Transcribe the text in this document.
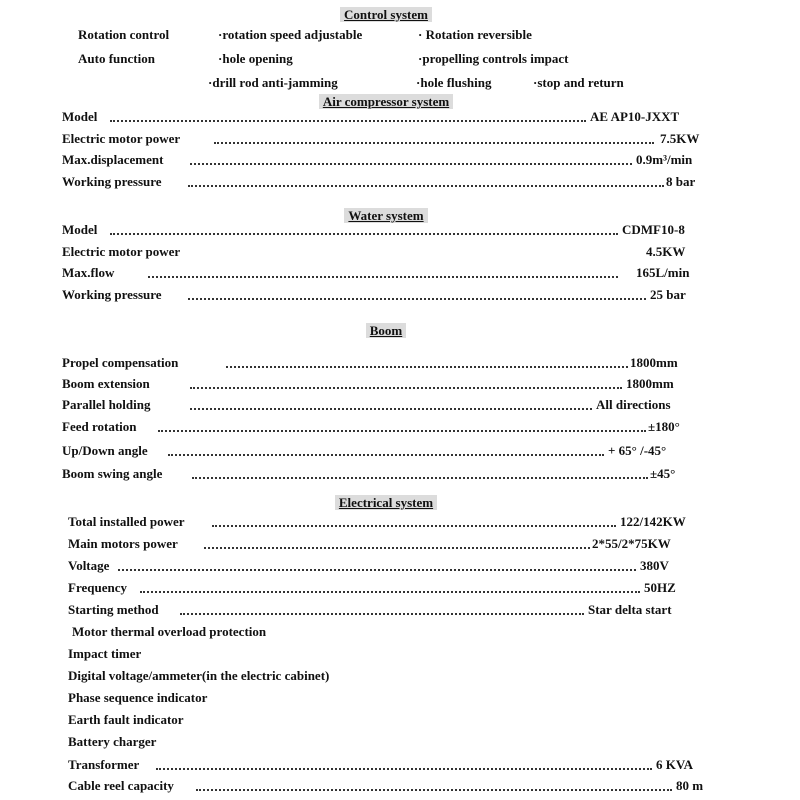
Control system
Rotation control	·rotation speed adjustable	· Rotation reversible
Auto function	·hole opening	·propelling controls impact
·drill rod anti-jamming	·hole flushing	·stop and return
Air compressor system
Model	AE AP10-JXXT
Electric motor power	7.5KW
Max.displacement	0.9m³/min
Working pressure	8 bar
Water system
Model	CDMF10-8
Electric motor power	4.5KW
Max.flow	165L/min
Working pressure	25 bar
Boom
Propel compensation	1800mm
Boom extension	1800mm
Parallel holding	All directions
Feed rotation	±180°
Up/Down angle	+ 65° /-45°
Boom swing angle	±45°
Electrical system
Total installed power	122/142KW
Main motors power	2*55/2*75KW
Voltage	380V
Frequency	50HZ
Starting method	Star delta start
Motor thermal overload protection
Impact timer
Digital voltage/ammeter(in the electric cabinet)
Phase sequence indicator
Earth fault indicator
Battery charger
Transformer	6 KVA
Cable reel capacity	80 m
